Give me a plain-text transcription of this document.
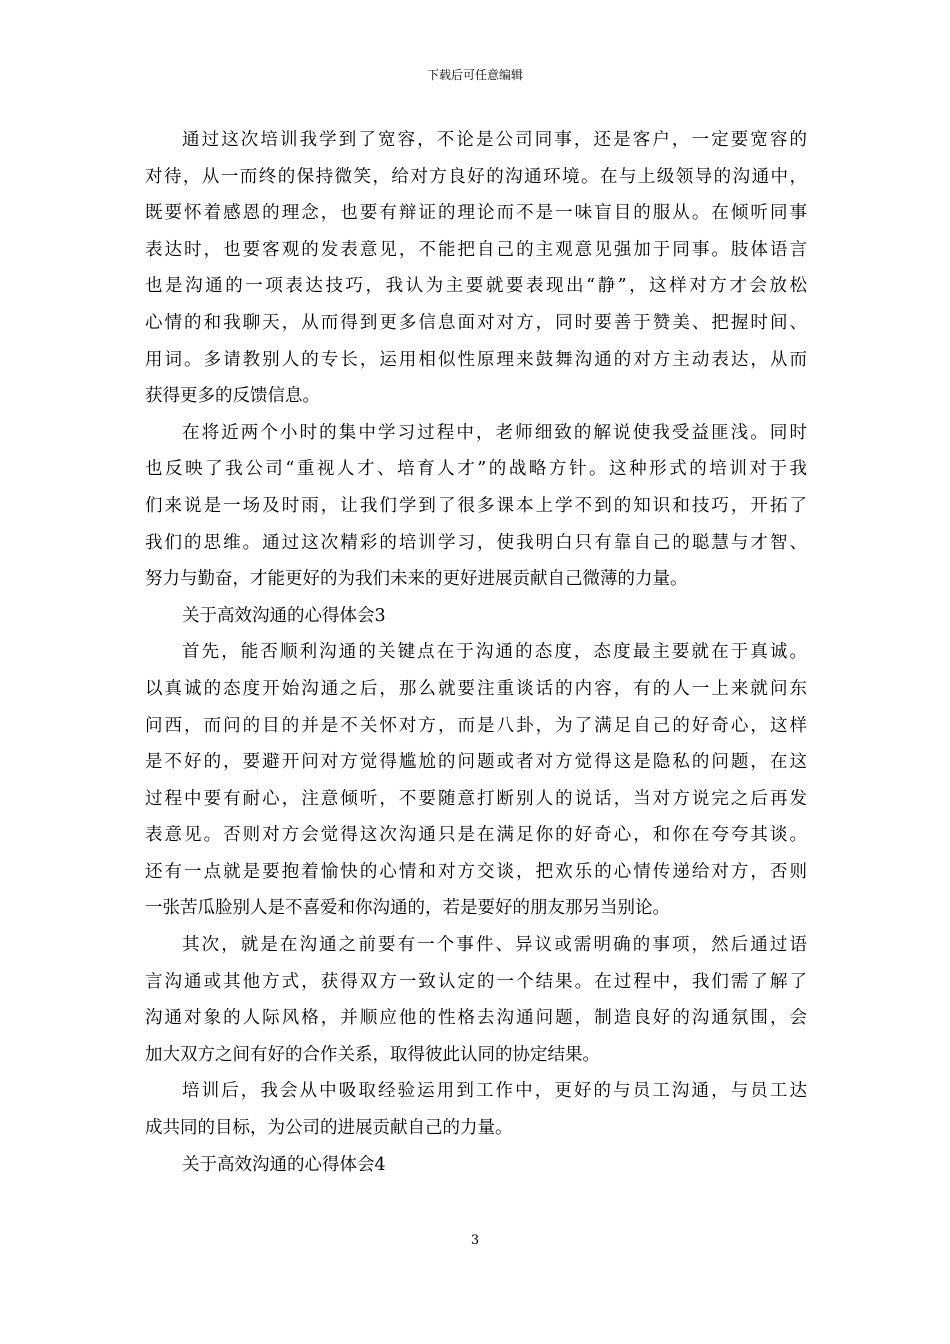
下载后可任意编辑
通过这次培训我学到了宽容，不论是公司同事，还是客户，一定要宽容的
对待，从一而终的保持微笑，给对方良好的沟通环境。在与上级领导的沟通中，
既要怀着感恩的理念，也要有辩证的理论而不是一味盲目的服从。在倾听同事
表达时，也要客观的发表意见，不能把自己的主观意见强加于同事。肢体语言
也是沟通的一项表达技巧，我认为主要就要表现出“静”，这样对方才会放松
心情的和我聊天，从而得到更多信息面对对方，同时要善于赞美、把握时间、
用词。多请教别人的专长，运用相似性原理来鼓舞沟通的对方主动表达，从而
获得更多的反馈信息。
在将近两个小时的集中学习过程中，老师细致的解说使我受益匪浅。同时
也反映了我公司“重视人才、培育人才”的战略方针。这种形式的培训对于我
们来说是一场及时雨，让我们学到了很多课本上学不到的知识和技巧，开拓了
我们的思维。通过这次精彩的培训学习，使我明白只有靠自己的聪慧与才智、
努力与勤奋，才能更好的为我们未来的更好进展贡献自己微薄的力量。
关于高效沟通的心得体会3
首先，能否顺利沟通的关键点在于沟通的态度，态度最主要就在于真诚。
以真诚的态度开始沟通之后，那么就要注重谈话的内容，有的人一上来就问东
问西，而问的目的并是不关怀对方，而是八卦，为了满足自己的好奇心，这样
是不好的，要避开问对方觉得尴尬的问题或者对方觉得这是隐私的问题，在这
过程中要有耐心，注意倾听，不要随意打断别人的说话，当对方说完之后再发
表意见。否则对方会觉得这次沟通只是在满足你的好奇心，和你在夸夸其谈。
还有一点就是要抱着愉快的心情和对方交谈，把欢乐的心情传递给对方，否则
一张苦瓜脸别人是不喜爱和你沟通的，若是要好的朋友那另当别论。
其次，就是在沟通之前要有一个事件、异议或需明确的事项，然后通过语
言沟通或其他方式，获得双方一致认定的一个结果。在过程中，我们需了解了
沟通对象的人际风格，并顺应他的性格去沟通问题，制造良好的沟通氛围，会
加大双方之间有好的合作关系，取得彼此认同的协定结果。
培训后，我会从中吸取经验运用到工作中，更好的与员工沟通，与员工达
成共同的目标，为公司的进展贡献自己的力量。
关于高效沟通的心得体会4
3
